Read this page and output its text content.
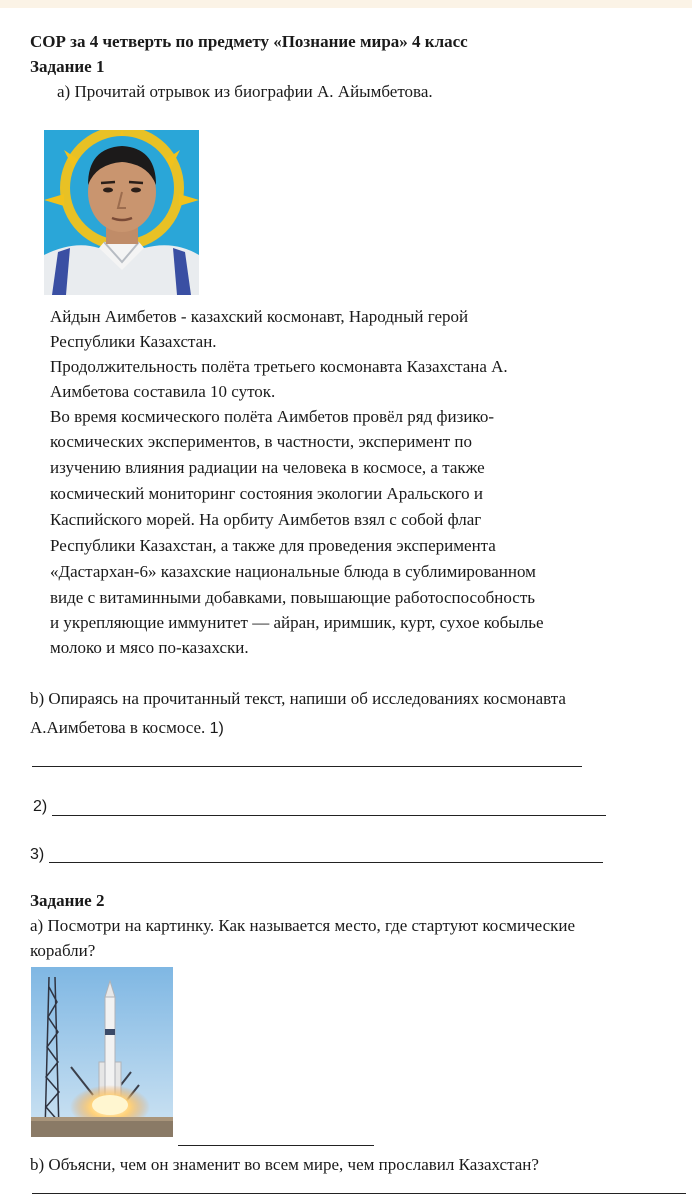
СОР за 4 четверть по предмету «Познание мира» 4 класс
Задание 1
а) Прочитай отрывок из биографии А. Айымбетова.
Айдын Аимбетов - казахский космонавт, Народный герой
Республики Казахстан.
Продолжительность полёта третьего космонавта Казахстана А.
Аимбетова составила 10 суток.
Во время космического полёта Аимбетов провёл ряд физико-
космических экспериментов, в частности, эксперимент по
изучению влияния радиации на человека в космосе, а также
космический мониторинг состояния экологии Аральского и
Каспийского морей. На орбиту Аимбетов взял с собой флаг
Республики Казахстан, а также для проведения эксперимента
«Дастархан-6» казахские национальные блюда в сублимированном
виде с витаминными добавками, повышающие работоспособность
и укрепляющие иммунитет — айран, иримшик, курт, сухое кобылье
молоко и мясо по-казахски.
b) Опираясь на прочитанный текст, напиши об исследованиях космонавта
А.Аимбетова в космосе. 1)
2)
3)
Задание 2
а) Посмотри на картинку. Как называется место, где стартуют космические
корабли?
b) Объясни, чем он знаменит во всем мире, чем прославил Казахстан?
